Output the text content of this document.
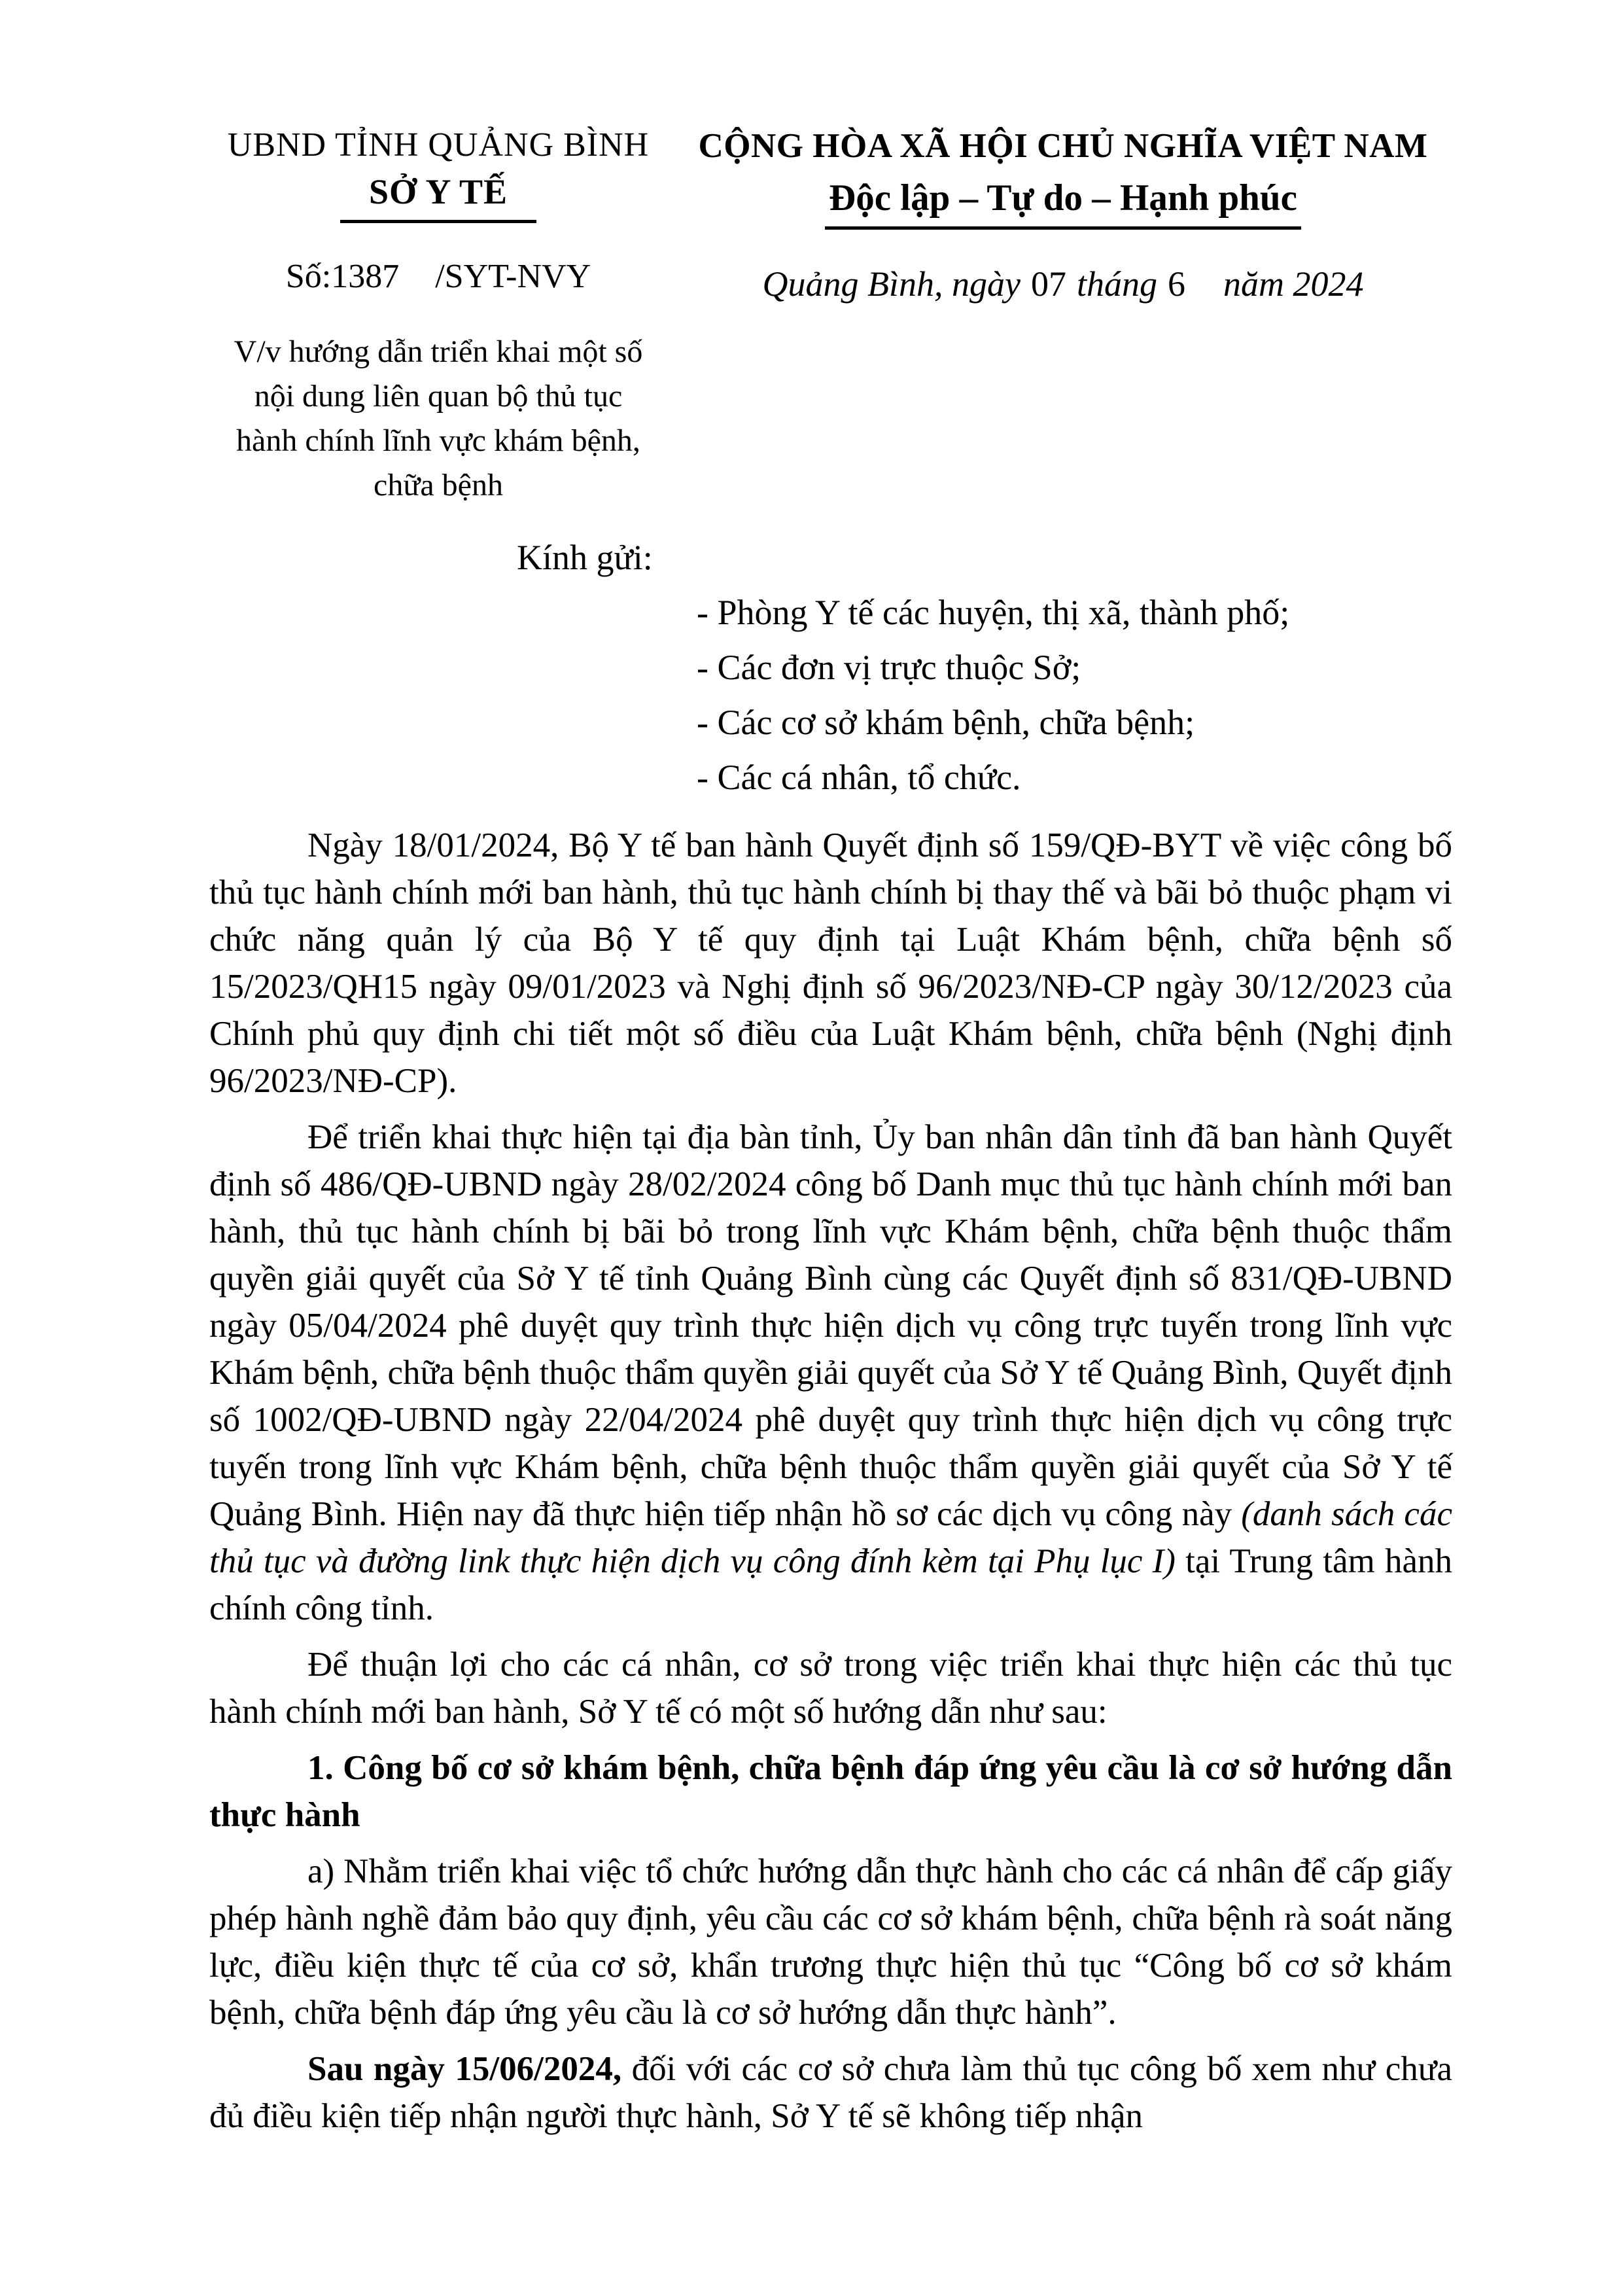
UBND TỈNH QUẢNG BÌNH
SỞ Y TẾ
Số:1387 /SYT-NVY
V/v hướng dẫn triển khai một số nội dung liên quan bộ thủ tục hành chính lĩnh vực khám bệnh, chữa bệnh
CỘNG HÒA XÃ HỘI CHỦ NGHĨA VIỆT NAM
Độc lập – Tự do – Hạnh phúc
Quảng Bình, ngày 07 tháng 6 năm 2024
Kính gửi:
- Phòng Y tế các huyện, thị xã, thành phố;
- Các đơn vị trực thuộc Sở;
- Các cơ sở khám bệnh, chữa bệnh;
- Các cá nhân, tổ chức.

Ngày 18/01/2024, Bộ Y tế ban hành Quyết định số 159/QĐ-BYT về việc công bố thủ tục hành chính mới ban hành, thủ tục hành chính bị thay thế và bãi bỏ thuộc phạm vi chức năng quản lý của Bộ Y tế quy định tại Luật Khám bệnh, chữa bệnh số 15/2023/QH15 ngày 09/01/2023 và Nghị định số 96/2023/NĐ-CP ngày 30/12/2023 của Chính phủ quy định chi tiết một số điều của Luật Khám bệnh, chữa bệnh (Nghị định 96/2023/NĐ-CP).

Để triển khai thực hiện tại địa bàn tỉnh, Ủy ban nhân dân tỉnh đã ban hành Quyết định số 486/QĐ-UBND ngày 28/02/2024 công bố Danh mục thủ tục hành chính mới ban hành, thủ tục hành chính bị bãi bỏ trong lĩnh vực Khám bệnh, chữa bệnh thuộc thẩm quyền giải quyết của Sở Y tế tỉnh Quảng Bình cùng các Quyết định số 831/QĐ-UBND ngày 05/04/2024 phê duyệt quy trình thực hiện dịch vụ công trực tuyến trong lĩnh vực Khám bệnh, chữa bệnh thuộc thẩm quyền giải quyết của Sở Y tế Quảng Bình, Quyết định số 1002/QĐ-UBND ngày 22/04/2024 phê duyệt quy trình thực hiện dịch vụ công trực tuyến trong lĩnh vực Khám bệnh, chữa bệnh thuộc thẩm quyền giải quyết của Sở Y tế Quảng Bình. Hiện nay đã thực hiện tiếp nhận hồ sơ các dịch vụ công này (danh sách các thủ tục và đường link thực hiện dịch vụ công đính kèm tại Phụ lục I) tại Trung tâm hành chính công tỉnh.

Để thuận lợi cho các cá nhân, cơ sở trong việc triển khai thực hiện các thủ tục hành chính mới ban hành, Sở Y tế có một số hướng dẫn như sau:

1. Công bố cơ sở khám bệnh, chữa bệnh đáp ứng yêu cầu là cơ sở hướng dẫn thực hành

a) Nhằm triển khai việc tổ chức hướng dẫn thực hành cho các cá nhân để cấp giấy phép hành nghề đảm bảo quy định, yêu cầu các cơ sở khám bệnh, chữa bệnh rà soát năng lực, điều kiện thực tế của cơ sở, khẩn trương thực hiện thủ tục “Công bố cơ sở khám bệnh, chữa bệnh đáp ứng yêu cầu là cơ sở hướng dẫn thực hành”.

Sau ngày 15/06/2024, đối với các cơ sở chưa làm thủ tục công bố xem như chưa đủ điều kiện tiếp nhận người thực hành, Sở Y tế sẽ không tiếp nhận
